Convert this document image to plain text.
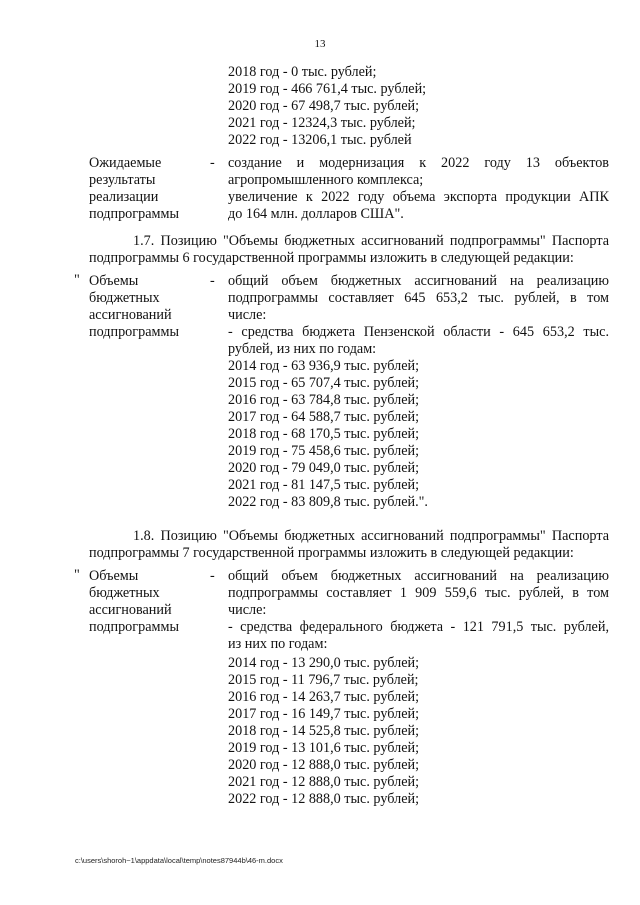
13
2018 год - 0 тыс. рублей;
2019 год - 466 761,4 тыс. рублей;
2020 год - 67 498,7 тыс. рублей;
2021 год - 12324,3 тыс. рублей;
2022 год - 13206,1 тыс. рублей
Ожидаемые
результаты
реализации
подпрограммы
- создание и модернизация к 2022 году 13 объектов
агропромышленного комплекса;
увеличение к 2022 году объема экспорта продукции АПК
до 164 млн. долларов США".
1.7. Позицию "Объемы бюджетных ассигнований подпрограммы" Паспорта
подпрограммы 6 государственной программы изложить в следующей редакции:
" Объемы
бюджетных
ассигнований
подпрограммы
- общий объем бюджетных ассигнований на реализацию
подпрограммы составляет 645 653,2 тыс. рублей, в том
числе:
- средства бюджета Пензенской области - 645 653,2 тыс.
рублей, из них по годам:
2014 год - 63 936,9 тыс. рублей;
2015 год - 65 707,4 тыс. рублей;
2016 год - 63 784,8 тыс. рублей;
2017 год - 64 588,7 тыс. рублей;
2018 год - 68 170,5 тыс. рублей;
2019 год - 75 458,6 тыс. рублей;
2020 год - 79 049,0 тыс. рублей;
2021 год - 81 147,5 тыс. рублей;
2022 год - 83 809,8 тыс. рублей.".
1.8. Позицию "Объемы бюджетных ассигнований подпрограммы" Паспорта
подпрограммы 7 государственной программы изложить в следующей редакции:
" Объемы
бюджетных
ассигнований
подпрограммы
- общий объем бюджетных ассигнований на реализацию
подпрограммы составляет 1 909 559,6 тыс. рублей, в том
числе:
- средства федерального бюджета - 121 791,5 тыс. рублей,
из них по годам:
2014 год - 13 290,0 тыс. рублей;
2015 год - 11 796,7 тыс. рублей;
2016 год - 14 263,7 тыс. рублей;
2017 год - 16 149,7 тыс. рублей;
2018 год - 14 525,8 тыс. рублей;
2019 год - 13 101,6 тыс. рублей;
2020 год - 12 888,0 тыс. рублей;
2021 год - 12 888,0 тыс. рублей;
2022 год - 12 888,0 тыс. рублей;
c:\users\shoroh~1\appdata\local\temp\notes87944b\46-m.docx
